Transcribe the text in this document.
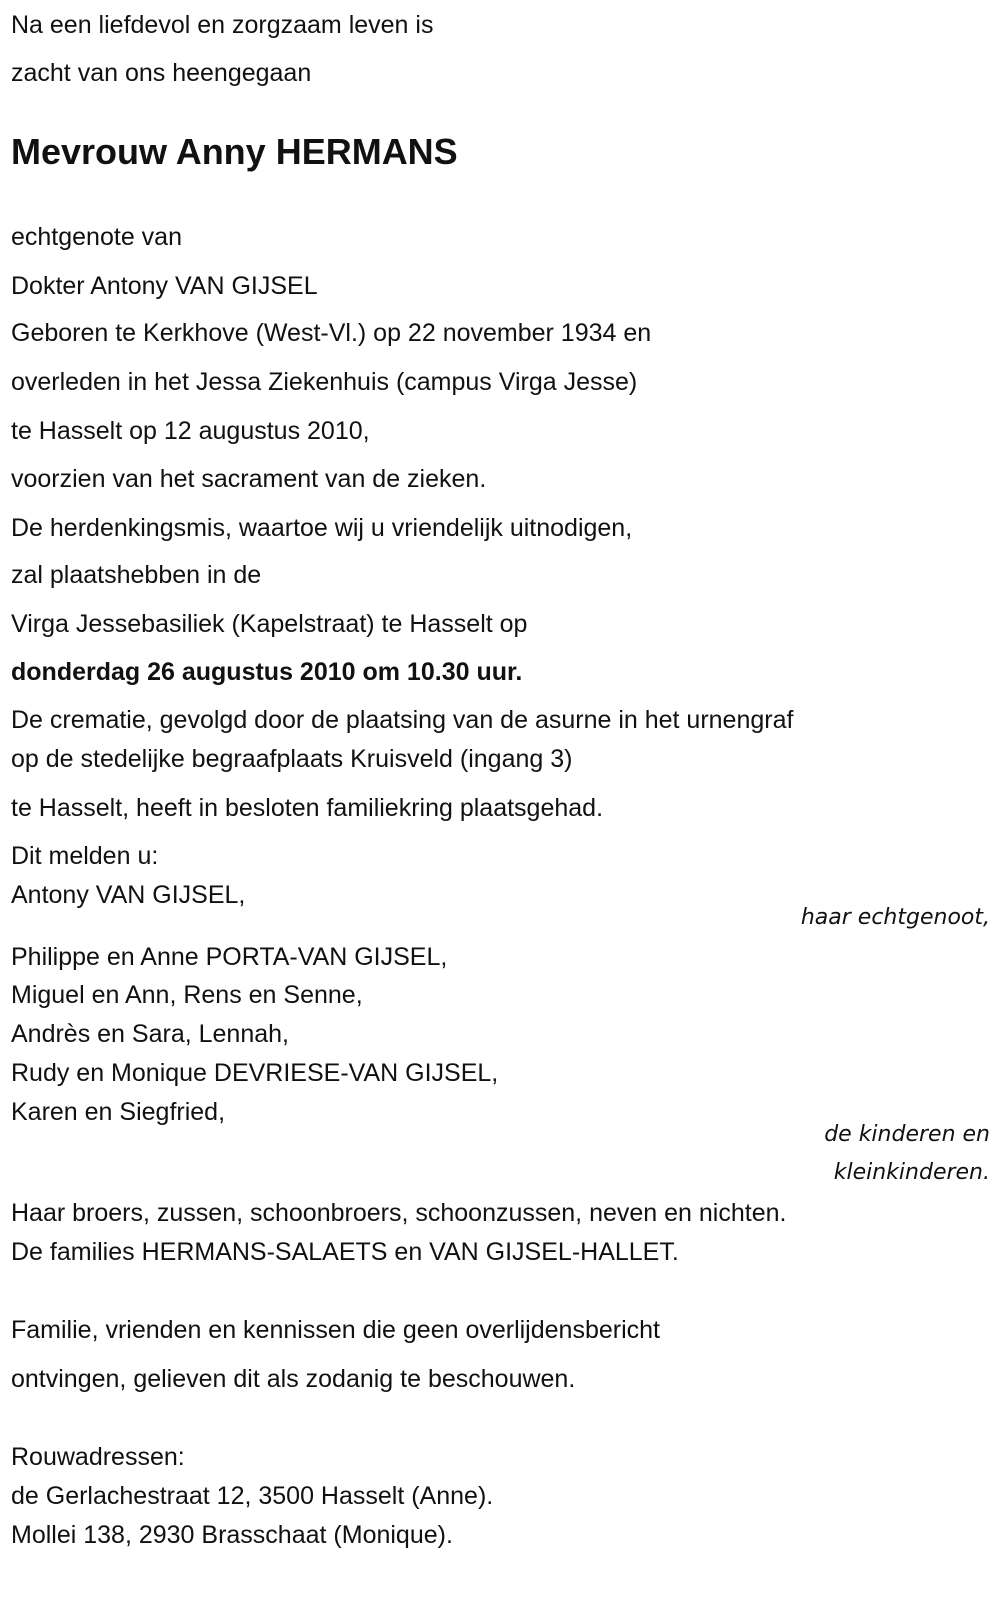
Na een liefdevol en zorgzaam leven is
zacht van ons heengegaan
Mevrouw Anny HERMANS
echtgenote van
Dokter Antony VAN GIJSEL
Geboren te Kerkhove (West-Vl.) op 22 november 1934 en
overleden in het Jessa Ziekenhuis (campus Virga Jesse)
te Hasselt op 12 augustus 2010,
voorzien van het sacrament van de zieken.
De herdenkingsmis, waartoe wij u vriendelijk uitnodigen,
zal plaatshebben in de
Virga Jessebasiliek (Kapelstraat) te Hasselt op
donderdag 26 augustus 2010 om 10.30 uur.
De crematie, gevolgd door de plaatsing van de asurne in het urnengraf
op de stedelijke begraafplaats Kruisveld (ingang 3)
te Hasselt, heeft in besloten familiekring plaatsgehad.
Dit melden u:
Antony VAN GIJSEL,
haar echtgenoot,
Philippe en Anne PORTA-VAN GIJSEL,
Miguel en Ann, Rens en Senne,
Andrès en Sara, Lennah,
Rudy en Monique DEVRIESE-VAN GIJSEL,
Karen en Siegfried,
de kinderen en
kleinkinderen.
Haar broers, zussen, schoonbroers, schoonzussen, neven en nichten.
De families HERMANS-SALAETS en VAN GIJSEL-HALLET.
Familie, vrienden en kennissen die geen overlijdensbericht
ontvingen, gelieven dit als zodanig te beschouwen.
Rouwadressen:
de Gerlachestraat 12, 3500 Hasselt (Anne).
Mollei 138, 2930 Brasschaat (Monique).
